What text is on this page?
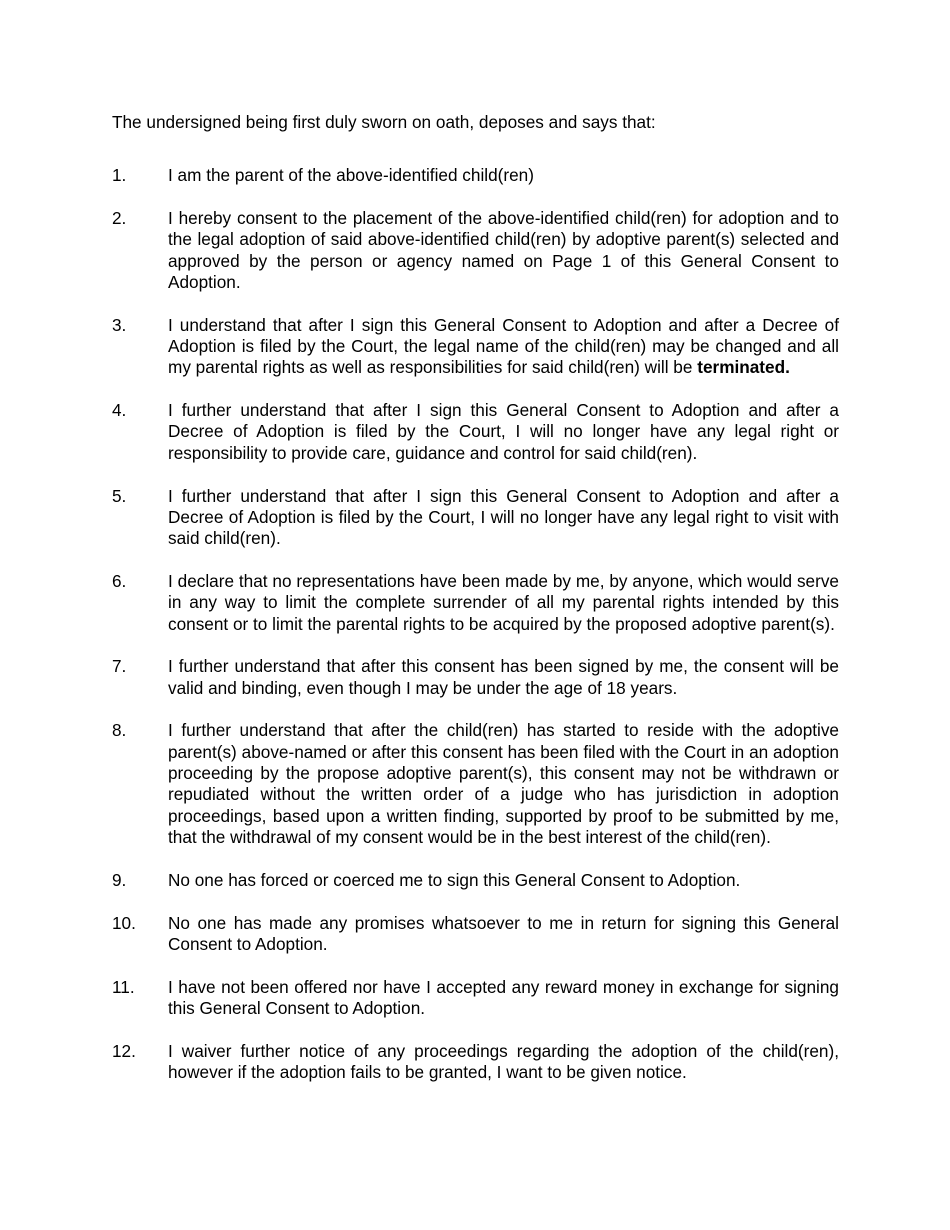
The undersigned being first duly sworn on oath, deposes and says that:

1.	I am the parent of the above-identified child(ren)
2.	I hereby consent to the placement of the above-identified child(ren) for adoption and to the legal adoption of said above-identified child(ren) by adoptive parent(s) selected and approved by the person or agency named on Page 1 of this General Consent to Adoption.
3.	I understand that after I sign this General Consent to Adoption and after a Decree of Adoption is filed by the Court, the legal name of the child(ren) may be changed and all my parental rights as well as responsibilities for said child(ren) will be terminated.
4.	I further understand that after I sign this General Consent to Adoption and after a Decree of Adoption is filed by the Court, I will no longer have any legal right or responsibility to provide care, guidance and control for said child(ren).
5.	I further understand that after I sign this General Consent to Adoption and after a Decree of Adoption is filed by the Court, I will no longer have any legal right to visit with said child(ren).
6.	I declare that no representations have been made by me, by anyone, which would serve in any way to limit the complete surrender of all my parental rights intended by this consent or to limit the parental rights to be acquired by the proposed adoptive parent(s).
7.	I further understand that after this consent has been signed by me, the consent will be valid and binding, even though I may be under the age of 18 years.
8.	I further understand that after the child(ren) has started to reside with the adoptive parent(s) above-named or after this consent has been filed with the Court in an adoption proceeding by the propose adoptive parent(s), this consent may not be withdrawn or repudiated without the written order of a judge who has jurisdiction in adoption proceedings, based upon a written finding, supported by proof to be submitted by me, that the withdrawal of my consent would be in the best interest of the child(ren).
9.	No one has forced or coerced me to sign this General Consent to Adoption.
10.	No one has made any promises whatsoever to me in return for signing this General Consent to Adoption.
11.	I have not been offered nor have I accepted any reward money in exchange for signing this General Consent to Adoption.
12.	I waiver further notice of any proceedings regarding the adoption of the child(ren), however if the adoption fails to be granted, I want to be given notice.
